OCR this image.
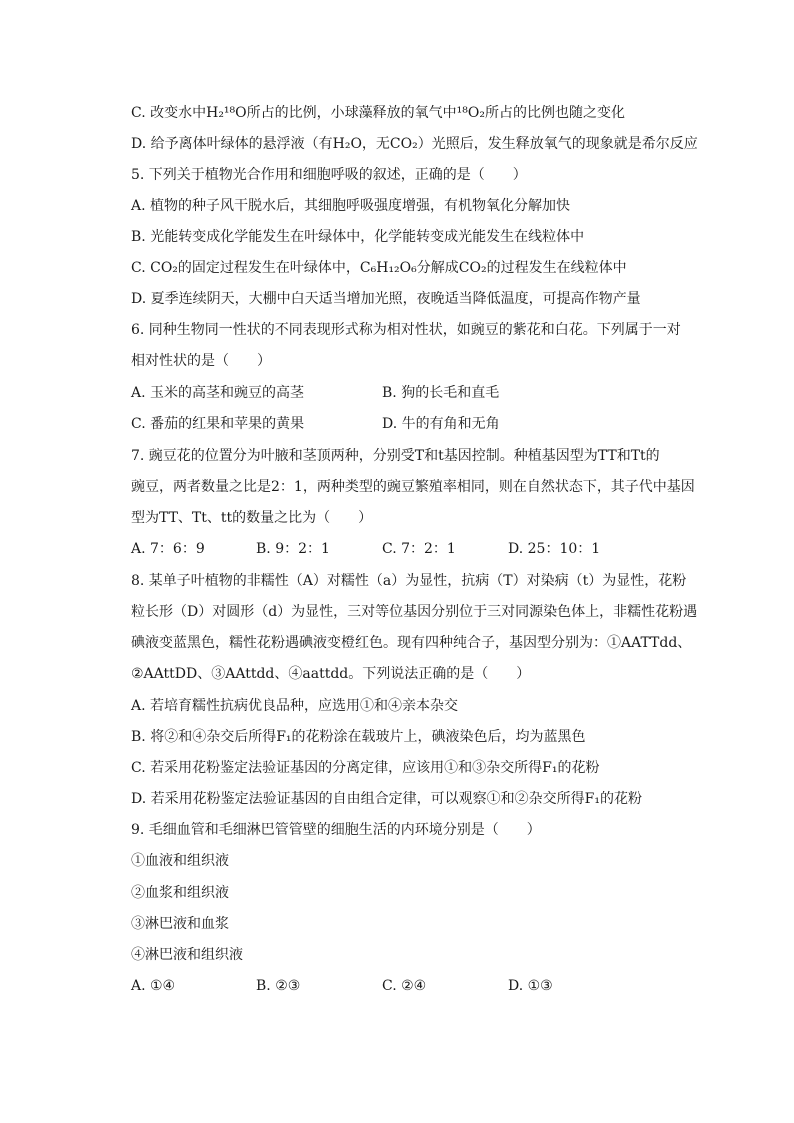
C. 改变水中H₂¹⁸O所占的比例，小球藻释放的氧气中¹⁸O₂所占的比例也随之变化
D. 给予离体叶绿体的悬浮液（有H₂O，无CO₂）光照后，发生释放氧气的现象就是希尔反应
5. 下列关于植物光合作用和细胞呼吸的叙述，正确的是（　　）
A. 植物的种子风干脱水后，其细胞呼吸强度增强，有机物氧化分解加快
B. 光能转变成化学能发生在叶绿体中，化学能转变成光能发生在线粒体中
C. CO₂的固定过程发生在叶绿体中，C₆H₁₂O₆分解成CO₂的过程发生在线粒体中
D. 夏季连续阴天，大棚中白天适当增加光照，夜晚适当降低温度，可提高作物产量
6. 同种生物同一性状的不同表现形式称为相对性状，如豌豆的紫花和白花。下列属于一对
相对性状的是（　　）
A. 玉米的高茎和豌豆的高茎	B. 狗的长毛和直毛
C. 番茄的红果和苹果的黄果	D. 牛的有角和无角
7. 豌豆花的位置分为叶腋和茎顶两种，分别受T和t基因控制。种植基因型为TT和Tt的
豌豆，两者数量之比是2：1，两种类型的豌豆繁殖率相同，则在自然状态下，其子代中基因
型为TT、Tt、tt的数量之比为（　　）
A. 7：6：9	B. 9：2：1	C. 7：2：1	D. 25：10：1
8. 某单子叶植物的非糯性（A）对糯性（a）为显性，抗病（T）对染病（t）为显性，花粉
粒长形（D）对圆形（d）为显性，三对等位基因分别位于三对同源染色体上，非糯性花粉遇
碘液变蓝黑色，糯性花粉遇碘液变橙红色。现有四种纯合子，基因型分别为：①AATTdd、
②AAttDD、③AAttdd、④aattdd。下列说法正确的是（　　）
A. 若培育糯性抗病优良品种，应选用①和④亲本杂交
B. 将②和④杂交后所得F₁的花粉涂在载玻片上，碘液染色后，均为蓝黑色
C. 若采用花粉鉴定法验证基因的分离定律，应该用①和③杂交所得F₁的花粉
D. 若采用花粉鉴定法验证基因的自由组合定律，可以观察①和②杂交所得F₁的花粉
9. 毛细血管和毛细淋巴管管壁的细胞生活的内环境分别是（　　）
①血液和组织液
②血浆和组织液
③淋巴液和血浆
④淋巴液和组织液
A. ①④	B. ②③	C. ②④	D. ①③
